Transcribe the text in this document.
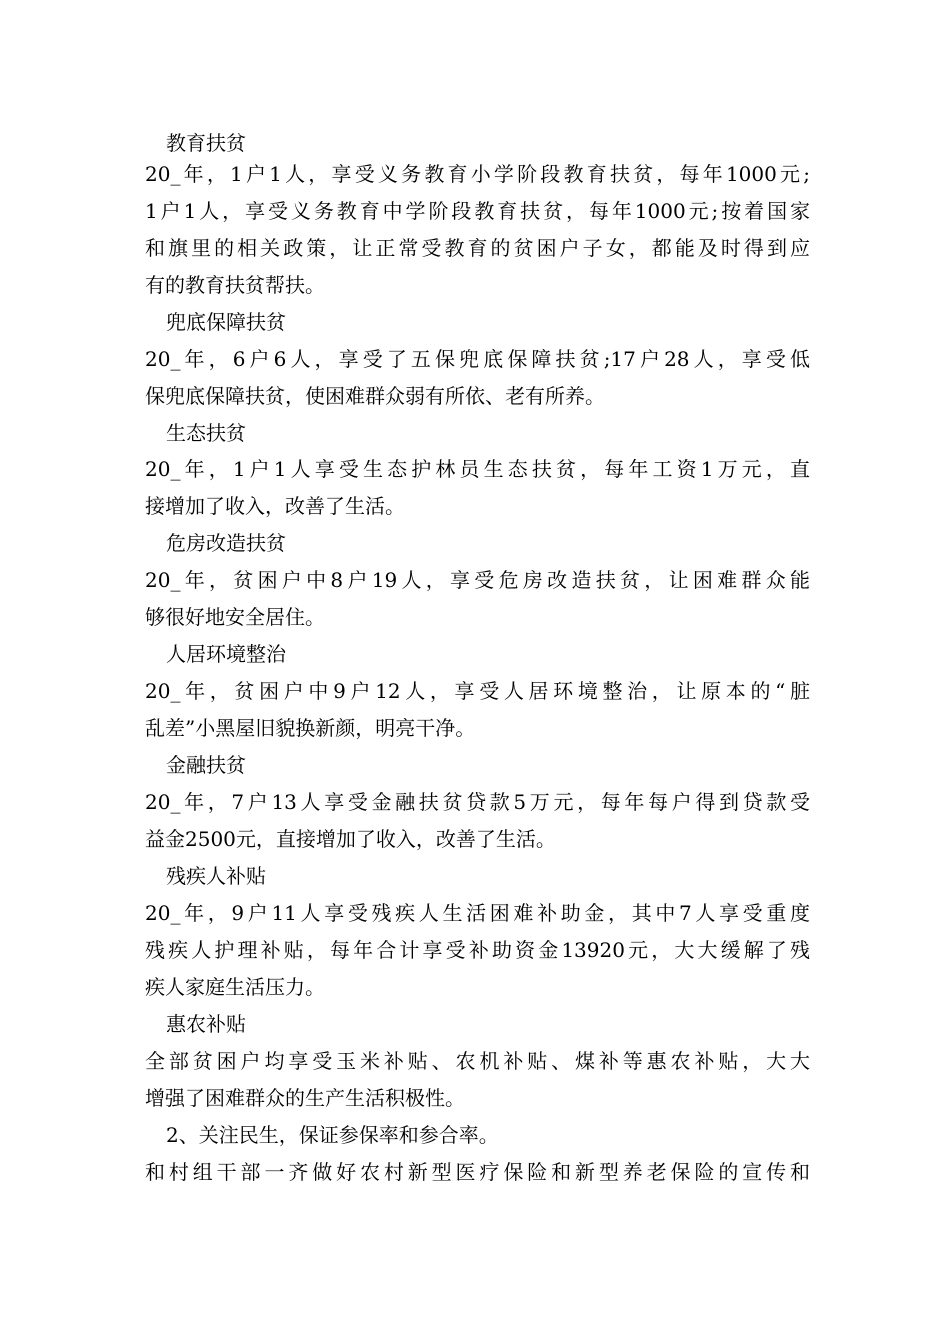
教育扶贫
20_年，1户1人，享受义务教育小学阶段教育扶贫，每年1000元;
1户1人，享受义务教育中学阶段教育扶贫，每年1000元;按着国家
和旗里的相关政策，让正常受教育的贫困户子女，都能及时得到应
有的教育扶贫帮扶。
兜底保障扶贫
20_年，6户6人，享受了五保兜底保障扶贫;17户28人，享受低
保兜底保障扶贫，使困难群众弱有所依、老有所养。
生态扶贫
20_年，1户1人享受生态护林员生态扶贫，每年工资1万元，直
接增加了收入，改善了生活。
危房改造扶贫
20_年，贫困户中8户19人，享受危房改造扶贫，让困难群众能
够很好地安全居住。
人居环境整治
20_年，贫困户中9户12人，享受人居环境整治，让原本的“脏
乱差”小黑屋旧貌换新颜，明亮干净。
金融扶贫
20_年，7户13人享受金融扶贫贷款5万元，每年每户得到贷款受
益金2500元，直接增加了收入，改善了生活。
残疾人补贴
20_年，9户11人享受残疾人生活困难补助金，其中7人享受重度
残疾人护理补贴，每年合计享受补助资金13920元，大大缓解了残
疾人家庭生活压力。
惠农补贴
全部贫困户均享受玉米补贴、农机补贴、煤补等惠农补贴，大大
增强了困难群众的生产生活积极性。
2、关注民生，保证参保率和参合率。
和村组干部一齐做好农村新型医疗保险和新型养老保险的宣传和
